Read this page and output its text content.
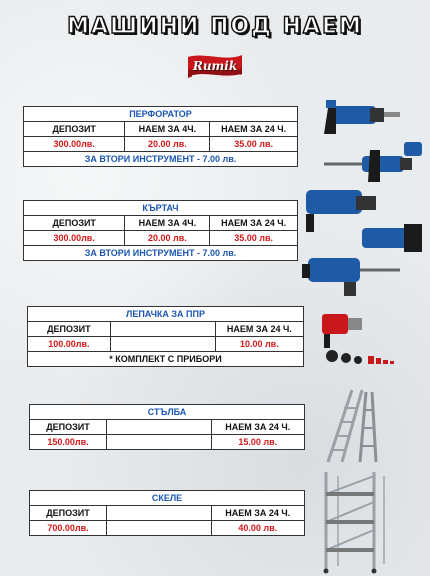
МАШИНИ ПОД НАЕМ
Rumik
ПЕРФОРАТОР		
ДЕПОЗИТ	НАЕМ ЗА 4Ч.	НАЕМ ЗА 24 Ч.
300.00лв.	20.00 лв.	35.00 лв.
ЗА ВТОРИ ИНСТРУМЕНТ - 7.00 лв.		
КЪРТАЧ		
ДЕПОЗИТ	НАЕМ ЗА 4Ч.	НАЕМ ЗА 24 Ч.
300.00лв.	20.00 лв.	35.00 лв.
ЗА ВТОРИ ИНСТРУМЕНТ - 7.00 лв.		
ЛЕПАЧКА ЗА ППР		
ДЕПОЗИТ		НАЕМ ЗА 24 Ч.
100.00лв.		10.00 лв.
* КОМПЛЕКТ С ПРИБОРИ		
СТЪЛБА		
ДЕПОЗИТ		НАЕМ ЗА 24 Ч.
150.00лв.		15.00 лв.
СКЕЛЕ		
ДЕПОЗИТ		НАЕМ ЗА 24 Ч.
700.00лв.		40.00 лв.
